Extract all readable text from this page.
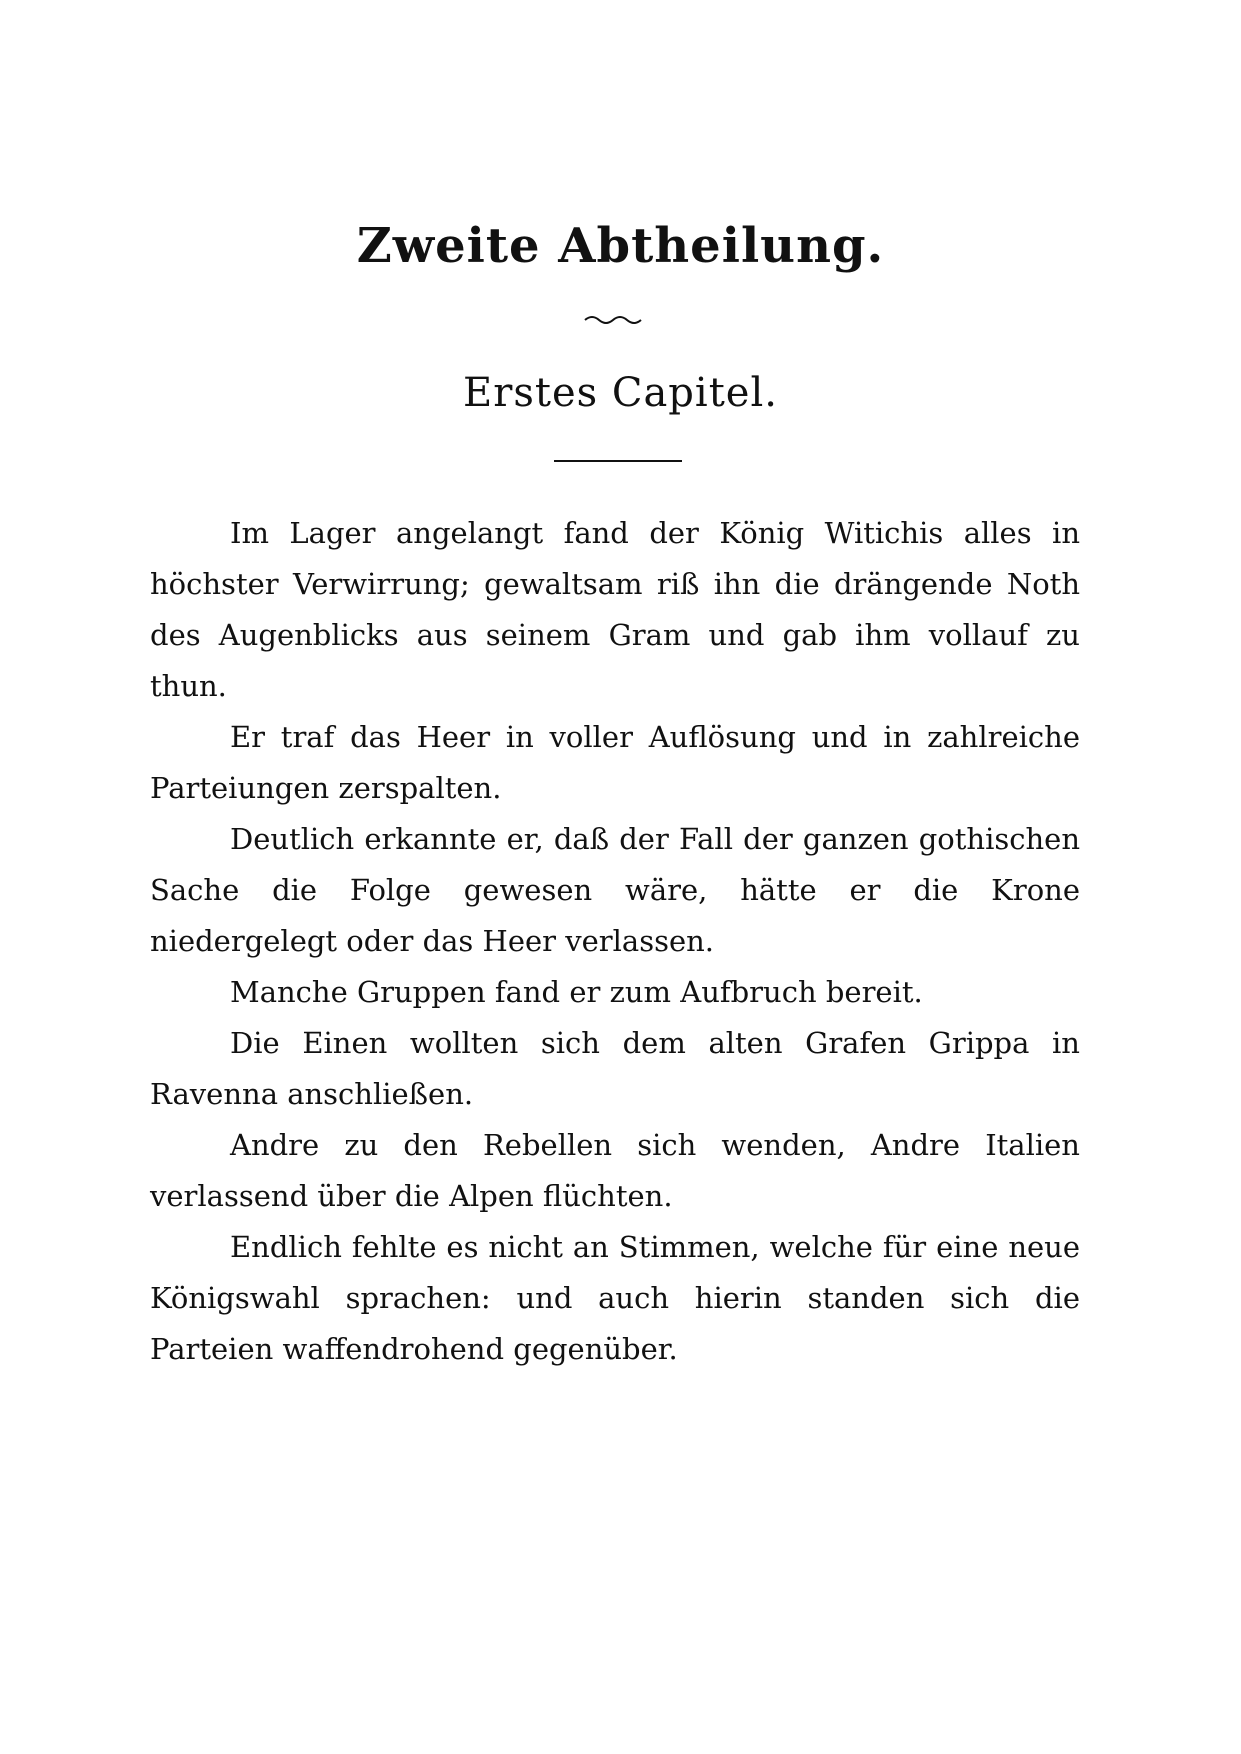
Zweite Abtheilung.
Erstes Capitel.

Im Lager angelangt fand der König Witichis alles in höchster Verwirrung; gewaltsam riß ihn die drängende Noth des Augenblicks aus seinem Gram und gab ihm vollauf zu thun.

Er traf das Heer in voller Auflösung und in zahlreiche Parteiungen zerspalten.

Deutlich erkannte er, daß der Fall der ganzen gothischen Sache die Folge gewesen wäre, hätte er die Krone niedergelegt oder das Heer verlassen.

Manche Gruppen fand er zum Aufbruch bereit.

Die Einen wollten sich dem alten Grafen Grippa in Ravenna anschließen.

Andre zu den Rebellen sich wenden, Andre Italien verlassend über die Alpen flüchten.

Endlich fehlte es nicht an Stimmen, welche für eine neue Königswahl sprachen: und auch hierin standen sich die Parteien waffendrohend gegenüber.
